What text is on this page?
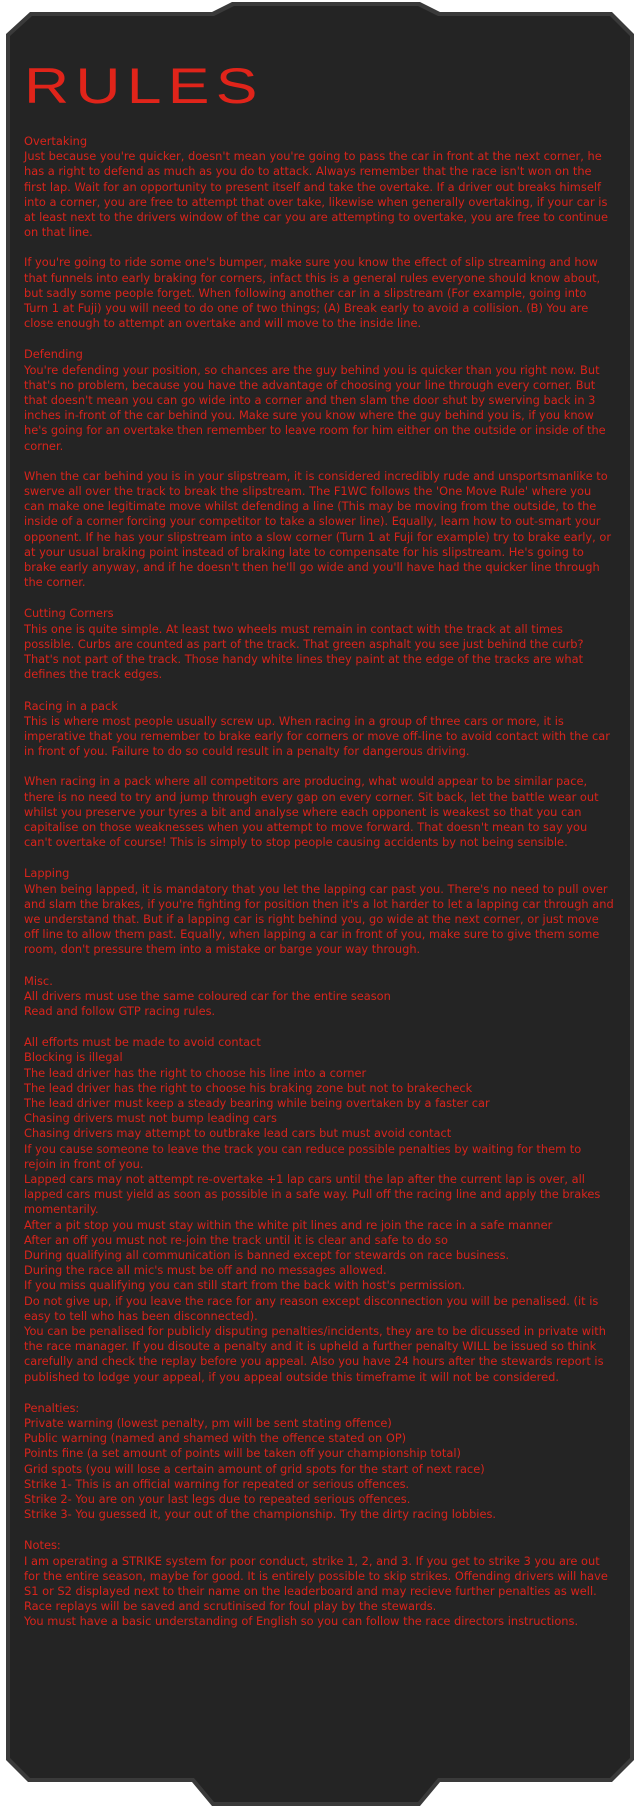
RULES
Overtaking
Just because you're quicker, doesn't mean you're going to pass the car in front at the next corner, he has a right to defend as much as you do to attack. Always remember that the race isn't won on the first lap. Wait for an opportunity to present itself and take the overtake. If a driver out breaks himself into a corner, you are free to attempt that over take, likewise when generally overtaking, if your car is at least next to the drivers window of the car you are attempting to overtake, you are free to continue on that line.
If you're going to ride some one's bumper, make sure you know the effect of slip streaming and how that funnels into early braking for corners, infact this is a general rules everyone should know about, but sadly some people forget. When following another car in a slipstream (For example, going into Turn 1 at Fuji) you will need to do one of two things; (A) Break early to avoid a collision. (B) You are close enough to attempt an overtake and will move to the inside line.
Defending
You're defending your position, so chances are the guy behind you is quicker than you right now. But that's no problem, because you have the advantage of choosing your line through every corner. But that doesn't mean you can go wide into a corner and then slam the door shut by swerving back in 3 inches in-front of the car behind you. Make sure you know where the guy behind you is, if you know he's going for an overtake then remember to leave room for him either on the outside or inside of the corner.
When the car behind you is in your slipstream, it is considered incredibly rude and unsportsmanlike to swerve all over the track to break the slipstream. The F1WC follows the 'One Move Rule' where you can make one legitimate move whilst defending a line (This may be moving from the outside, to the inside of a corner forcing your competitor to take a slower line). Equally, learn how to out-smart your opponent. If he has your slipstream into a slow corner (Turn 1 at Fuji for example) try to brake early, or at your usual braking point instead of braking late to compensate for his slipstream. He's going to brake early anyway, and if he doesn't then he'll go wide and you'll have had the quicker line through the corner.
Cutting Corners
This one is quite simple. At least two wheels must remain in contact with the track at all times possible. Curbs are counted as part of the track. That green asphalt you see just behind the curb? That's not part of the track. Those handy white lines they paint at the edge of the tracks are what defines the track edges.
Racing in a pack
This is where most people usually screw up. When racing in a group of three cars or more, it is imperative that you remember to brake early for corners or move off-line to avoid contact with the car in front of you. Failure to do so could result in a penalty for dangerous driving.
When racing in a pack where all competitors are producing, what would appear to be similar pace, there is no need to try and jump through every gap on every corner. Sit back, let the battle wear out whilst you preserve your tyres a bit and analyse where each opponent is weakest so that you can capitalise on those weaknesses when you attempt to move forward. That doesn't mean to say you can't overtake of course! This is simply to stop people causing accidents by not being sensible.
Lapping
When being lapped, it is mandatory that you let the lapping car past you. There's no need to pull over and slam the brakes, if you're fighting for position then it's a lot harder to let a lapping car through and we understand that. But if a lapping car is right behind you, go wide at the next corner, or just move off line to allow them past. Equally, when lapping a car in front of you, make sure to give them some room, don't pressure them into a mistake or barge your way through.
Misc.
All drivers must use the same coloured car for the entire season
Read and follow GTP racing rules.
All efforts must be made to avoid contact
Blocking is illegal
The lead driver has the right to choose his line into a corner
The lead driver has the right to choose his braking zone but not to brakecheck
The lead driver must keep a steady bearing while being overtaken by a faster car
Chasing drivers must not bump leading cars
Chasing drivers may attempt to outbrake lead cars but must avoid contact
If you cause someone to leave the track you can reduce possible penalties by waiting for them to rejoin in front of you.
Lapped cars may not attempt re-overtake +1 lap cars until the lap after the current lap is over, all lapped cars must yield as soon as possible in a safe way. Pull off the racing line and apply the brakes momentarily.
After a pit stop you must stay within the white pit lines and re join the race in a safe manner
After an off you must not re-join the track until it is clear and safe to do so
During qualifying all communication is banned except for stewards on race business.
During the race all mic's must be off and no messages allowed.
If you miss qualifying you can still start from the back with host's permission.
Do not give up, if you leave the race for any reason except disconnection you will be penalised. (it is easy to tell who has been disconnected).
You can be penalised for publicly disputing penalties/incidents, they are to be dicussed in private with the race manager. If you disoute a penalty and it is upheld a further penalty WILL be issued so think carefully and check the replay before you appeal. Also you have 24 hours after the stewards report is published to lodge your appeal, if you appeal outside this timeframe it will not be considered.
Penalties:
Private warning (lowest penalty, pm will be sent stating offence)
Public warning (named and shamed with the offence stated on OP)
Points fine (a set amount of points will be taken off your championship total)
Grid spots (you will lose a certain amount of grid spots for the start of next race)
Strike 1- This is an official warning for repeated or serious offences.
Strike 2- You are on your last legs due to repeated serious offences.
Strike 3- You guessed it, your out of the championship. Try the dirty racing lobbies.
Notes:
I am operating a STRIKE system for poor conduct, strike 1, 2, and 3. If you get to strike 3 you are out for the entire season, maybe for good. It is entirely possible to skip strikes. Offending drivers will have S1 or S2 displayed next to their name on the leaderboard and may recieve further penalties as well.
Race replays will be saved and scrutinised for foul play by the stewards.
You must have a basic understanding of English so you can follow the race directors instructions.
